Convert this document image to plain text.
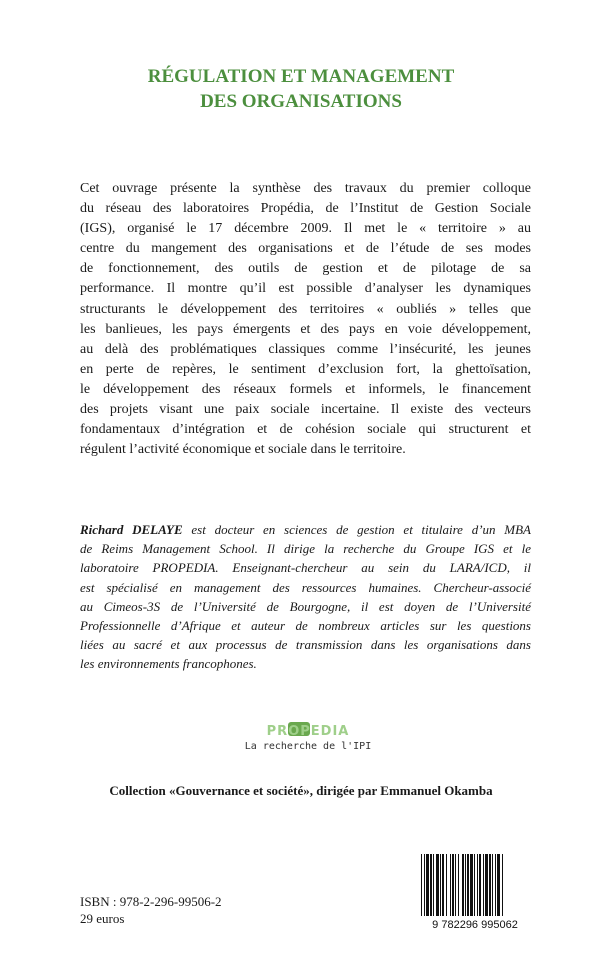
RÉGULATION ET MANAGEMENT
DES ORGANISATIONS
Cet ouvrage présente la synthèse des travaux du premier colloque
du réseau des laboratoires Propédia, de l’Institut de Gestion Sociale
(IGS), organisé le 17 décembre 2009. Il met le « territoire » au
centre du mangement des organisations et de l’étude de ses modes
de fonctionnement, des outils de gestion et de pilotage de sa
performance. Il montre qu’il est possible d’analyser les dynamiques
structurants le développement des territoires « oubliés » telles que
les banlieues, les pays émergents et des pays en voie développement,
au delà des problématiques classiques comme l’insécurité, les jeunes
en perte de repères, le sentiment d’exclusion fort, la ghettoïsation,
le développement des réseaux formels et informels, le financement
des projets visant une paix sociale incertaine. Il existe des vecteurs
fondamentaux d’intégration et de cohésion sociale qui structurent et
régulent l’activité économique et sociale dans le territoire.
Richard DELAYE est docteur en sciences de gestion et titulaire d’un MBA
de Reims Management School. Il dirige la recherche du Groupe IGS et le
laboratoire PROPEDIA. Enseignant-chercheur au sein du LARA/ICD, il
est spécialisé en management des ressources humaines. Chercheur-associé
au Cimeos-3S de l’Université de Bourgogne, il est doyen de l’Université
Professionnelle d’Afrique et auteur de nombreux articles sur les questions
liées au sacré et aux processus de transmission dans les organisations dans
les environnements francophones.
PROPEDIA
La recherche de l'IPI
Collection «Gouvernance et société», dirigée par Emmanuel Okamba
ISBN : 978-2-296-99506-2
29 euros	9 782296 995062
